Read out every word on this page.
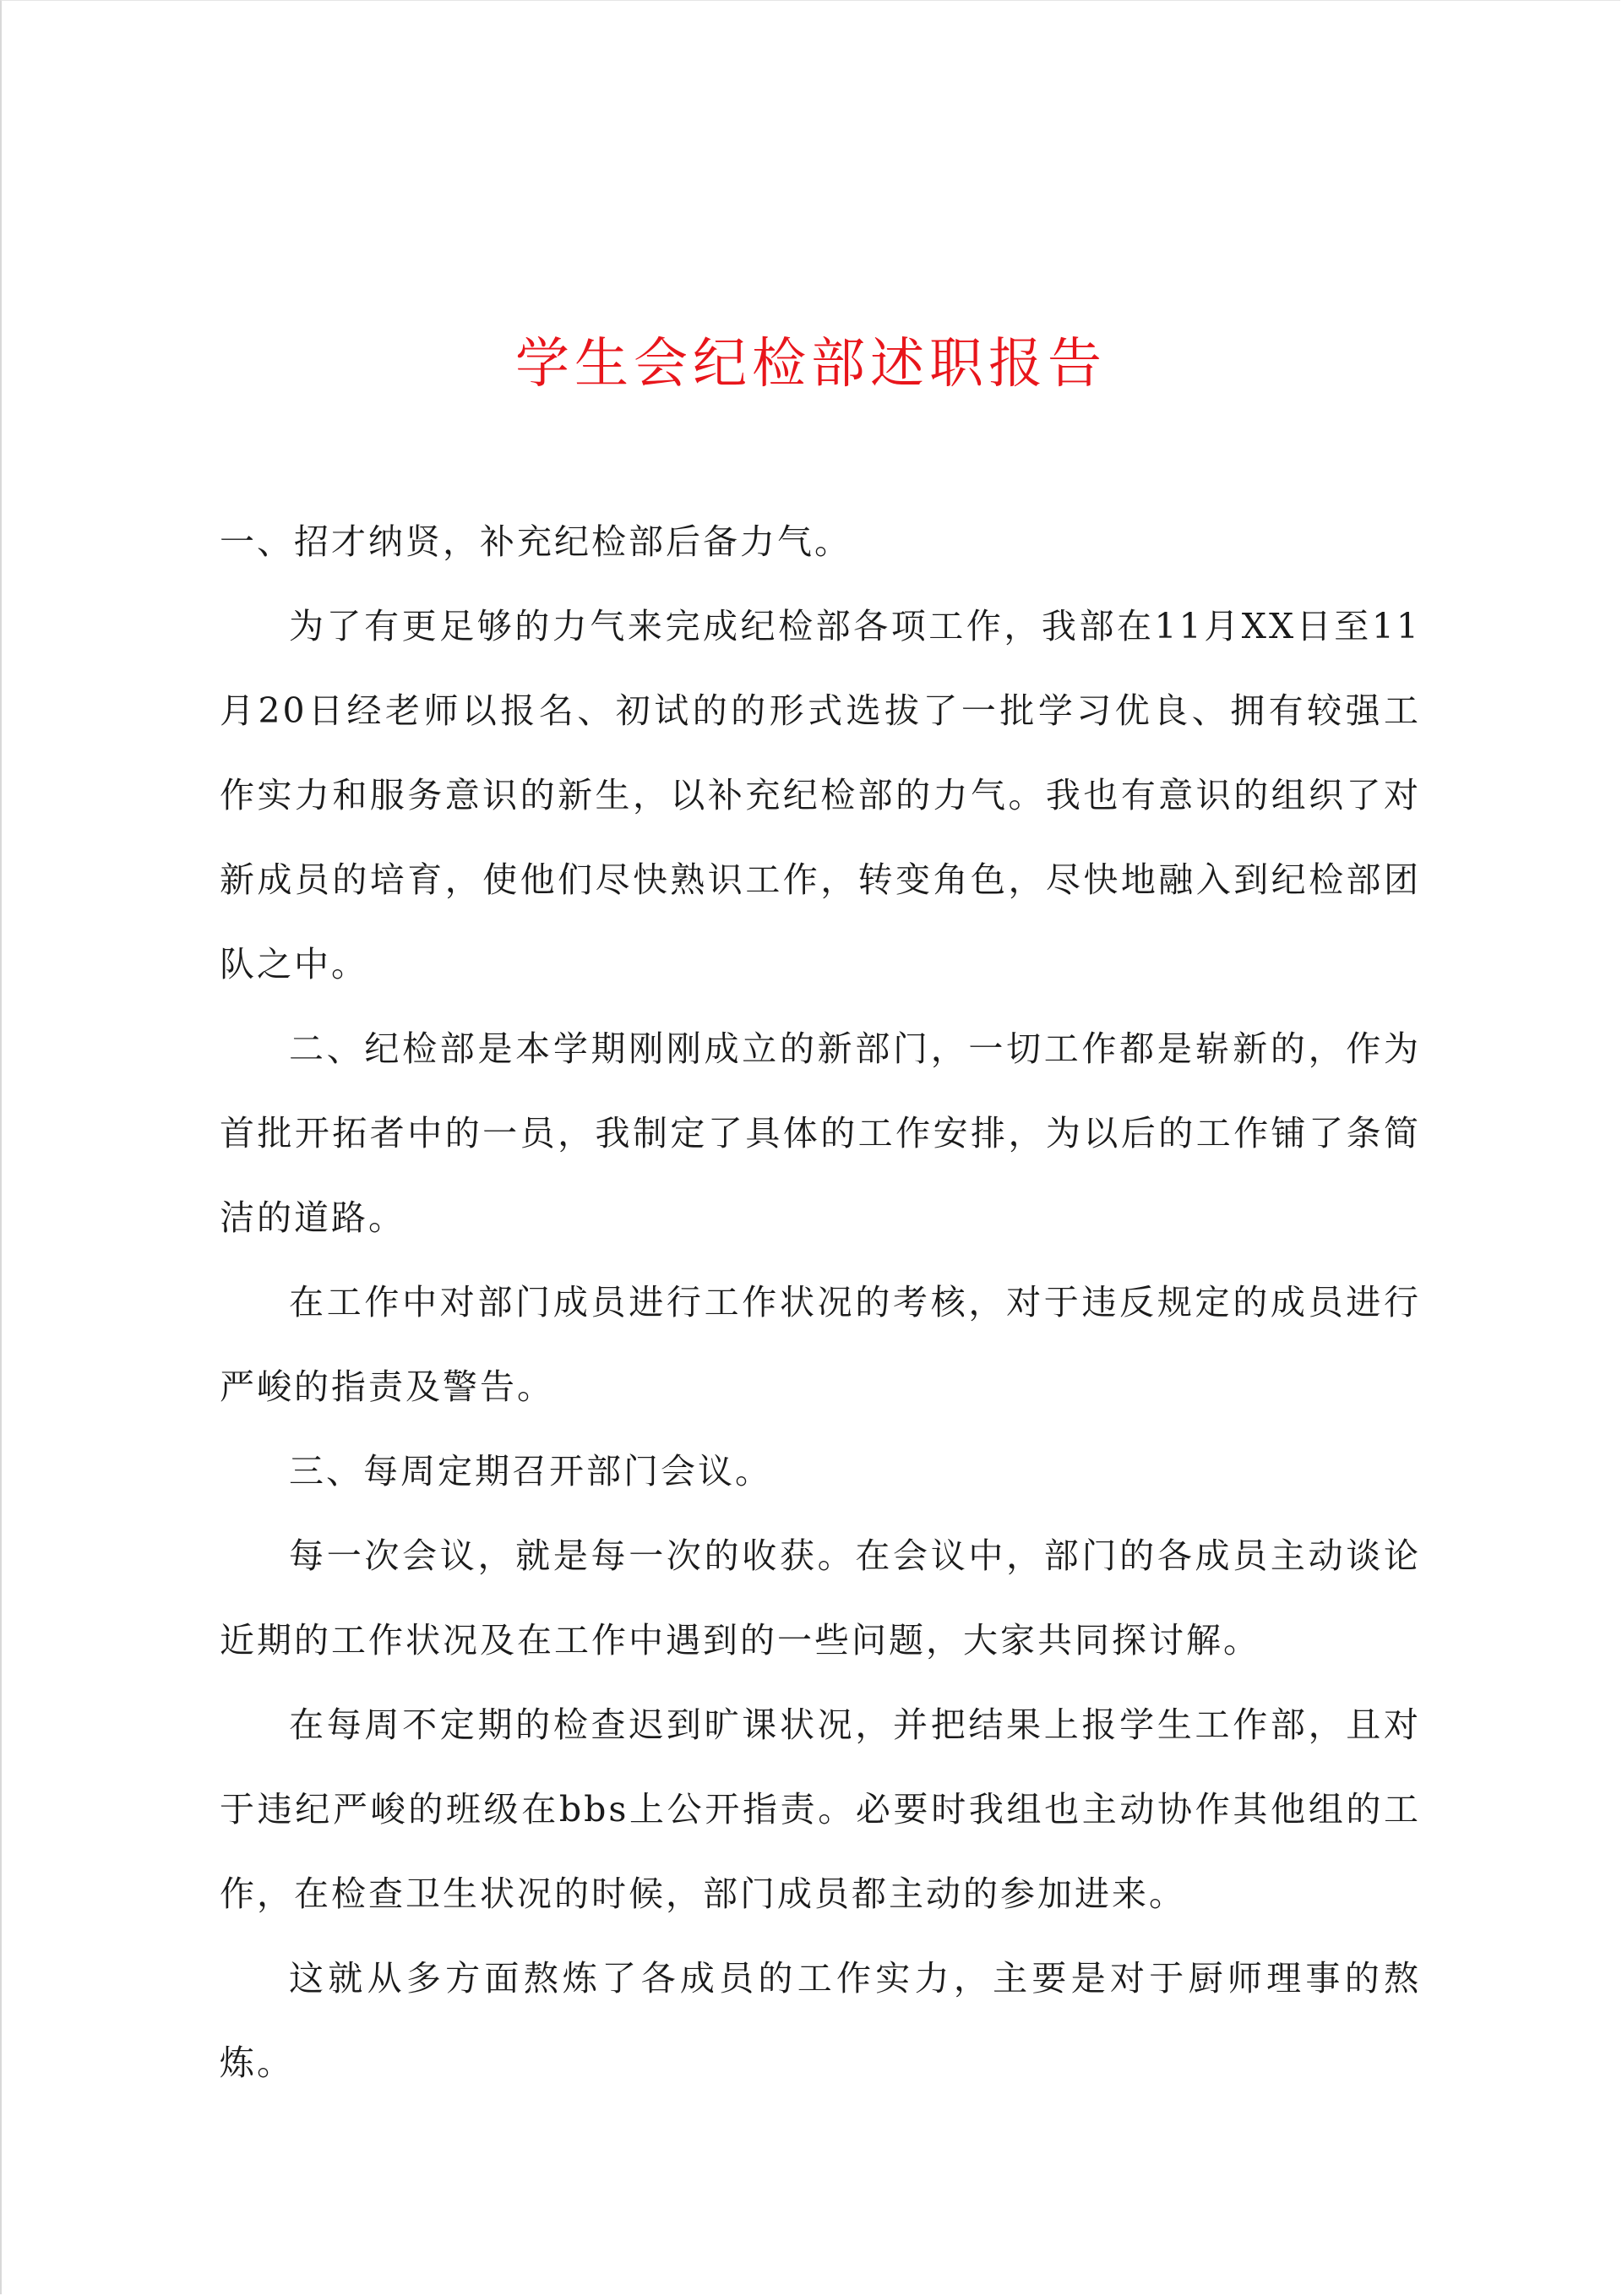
学生会纪检部述职报告

一、招才纳贤，补充纪检部后备力气。

为了有更足够的力气来完成纪检部各项工作，我部在11月XX日至11月20日经老师以报名、初试的的形式选拔了一批学习优良、拥有较强工作实力和服务意识的新生，以补充纪检部的力气。我也有意识的组织了对新成员的培育，使他们尽快熟识工作，转变角色，尽快地融入到纪检部团队之中。

二、纪检部是本学期刚刚成立的新部门，一切工作都是崭新的，作为首批开拓者中的一员，我制定了具体的工作安排，为以后的工作铺了条简洁的道路。

在工作中对部门成员进行工作状况的考核，对于违反规定的成员进行严峻的指责及警告。

三、每周定期召开部门会议。

每一次会议，就是每一次的收获。在会议中，部门的各成员主动谈论近期的工作状况及在工作中遇到的一些问题，大家共同探讨解。

在每周不定期的检查迟到旷课状况，并把结果上报学生工作部，且对于违纪严峻的班级在bbs上公开指责。必要时我组也主动协作其他组的工作，在检查卫生状况的时候，部门成员都主动的参加进来。

这就从多方面熬炼了各成员的工作实力，主要是对于厨师理事的熬炼。
